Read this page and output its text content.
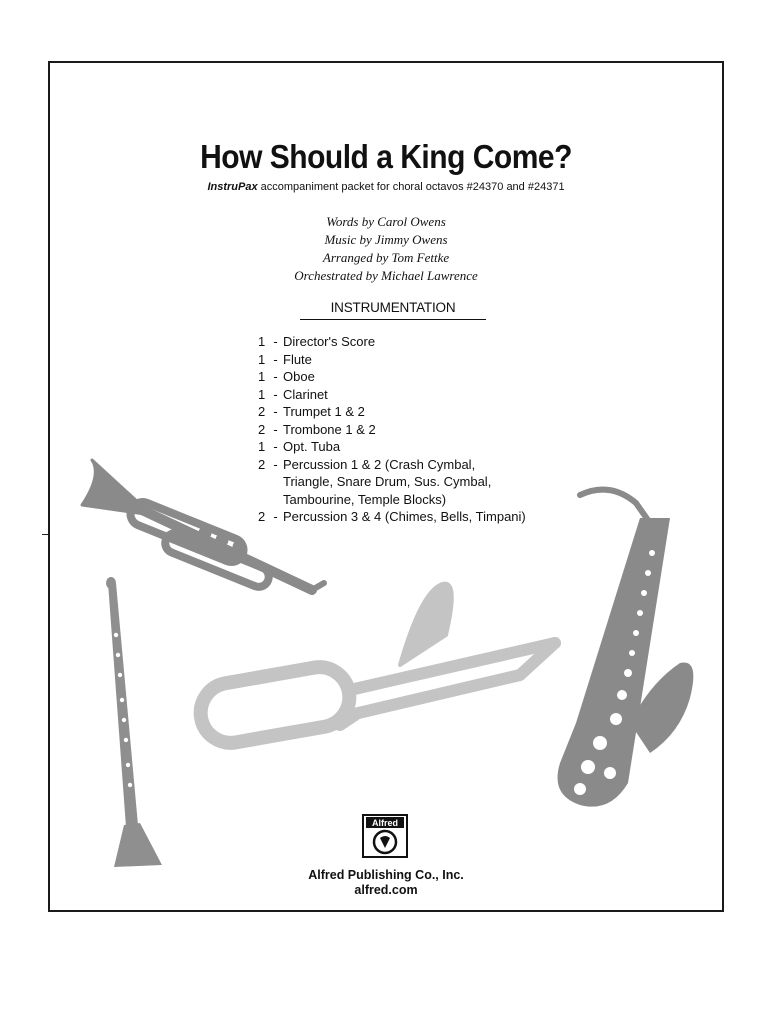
How Should a King Come?
InstruPax accompaniment packet for choral octavos #24370 and #24371
Words by Carol Owens
Music by Jimmy Owens
Arranged by Tom Fettke
Orchestrated by Michael Lawrence
INSTRUMENTATION
1 - Director's Score
1 - Flute
1 - Oboe
1 - Clarinet
2 - Trumpet 1 & 2
2 - Trombone 1 & 2
1 - Opt. Tuba
2 - Percussion 1 & 2 (Crash Cymbal,
Triangle, Snare Drum, Sus. Cymbal,
Tambourine, Temple Blocks)
2 - Percussion 3 & 4 (Chimes, Bells, Timpani)
Alfred
Alfred Publishing Co., Inc.
alfred.com
